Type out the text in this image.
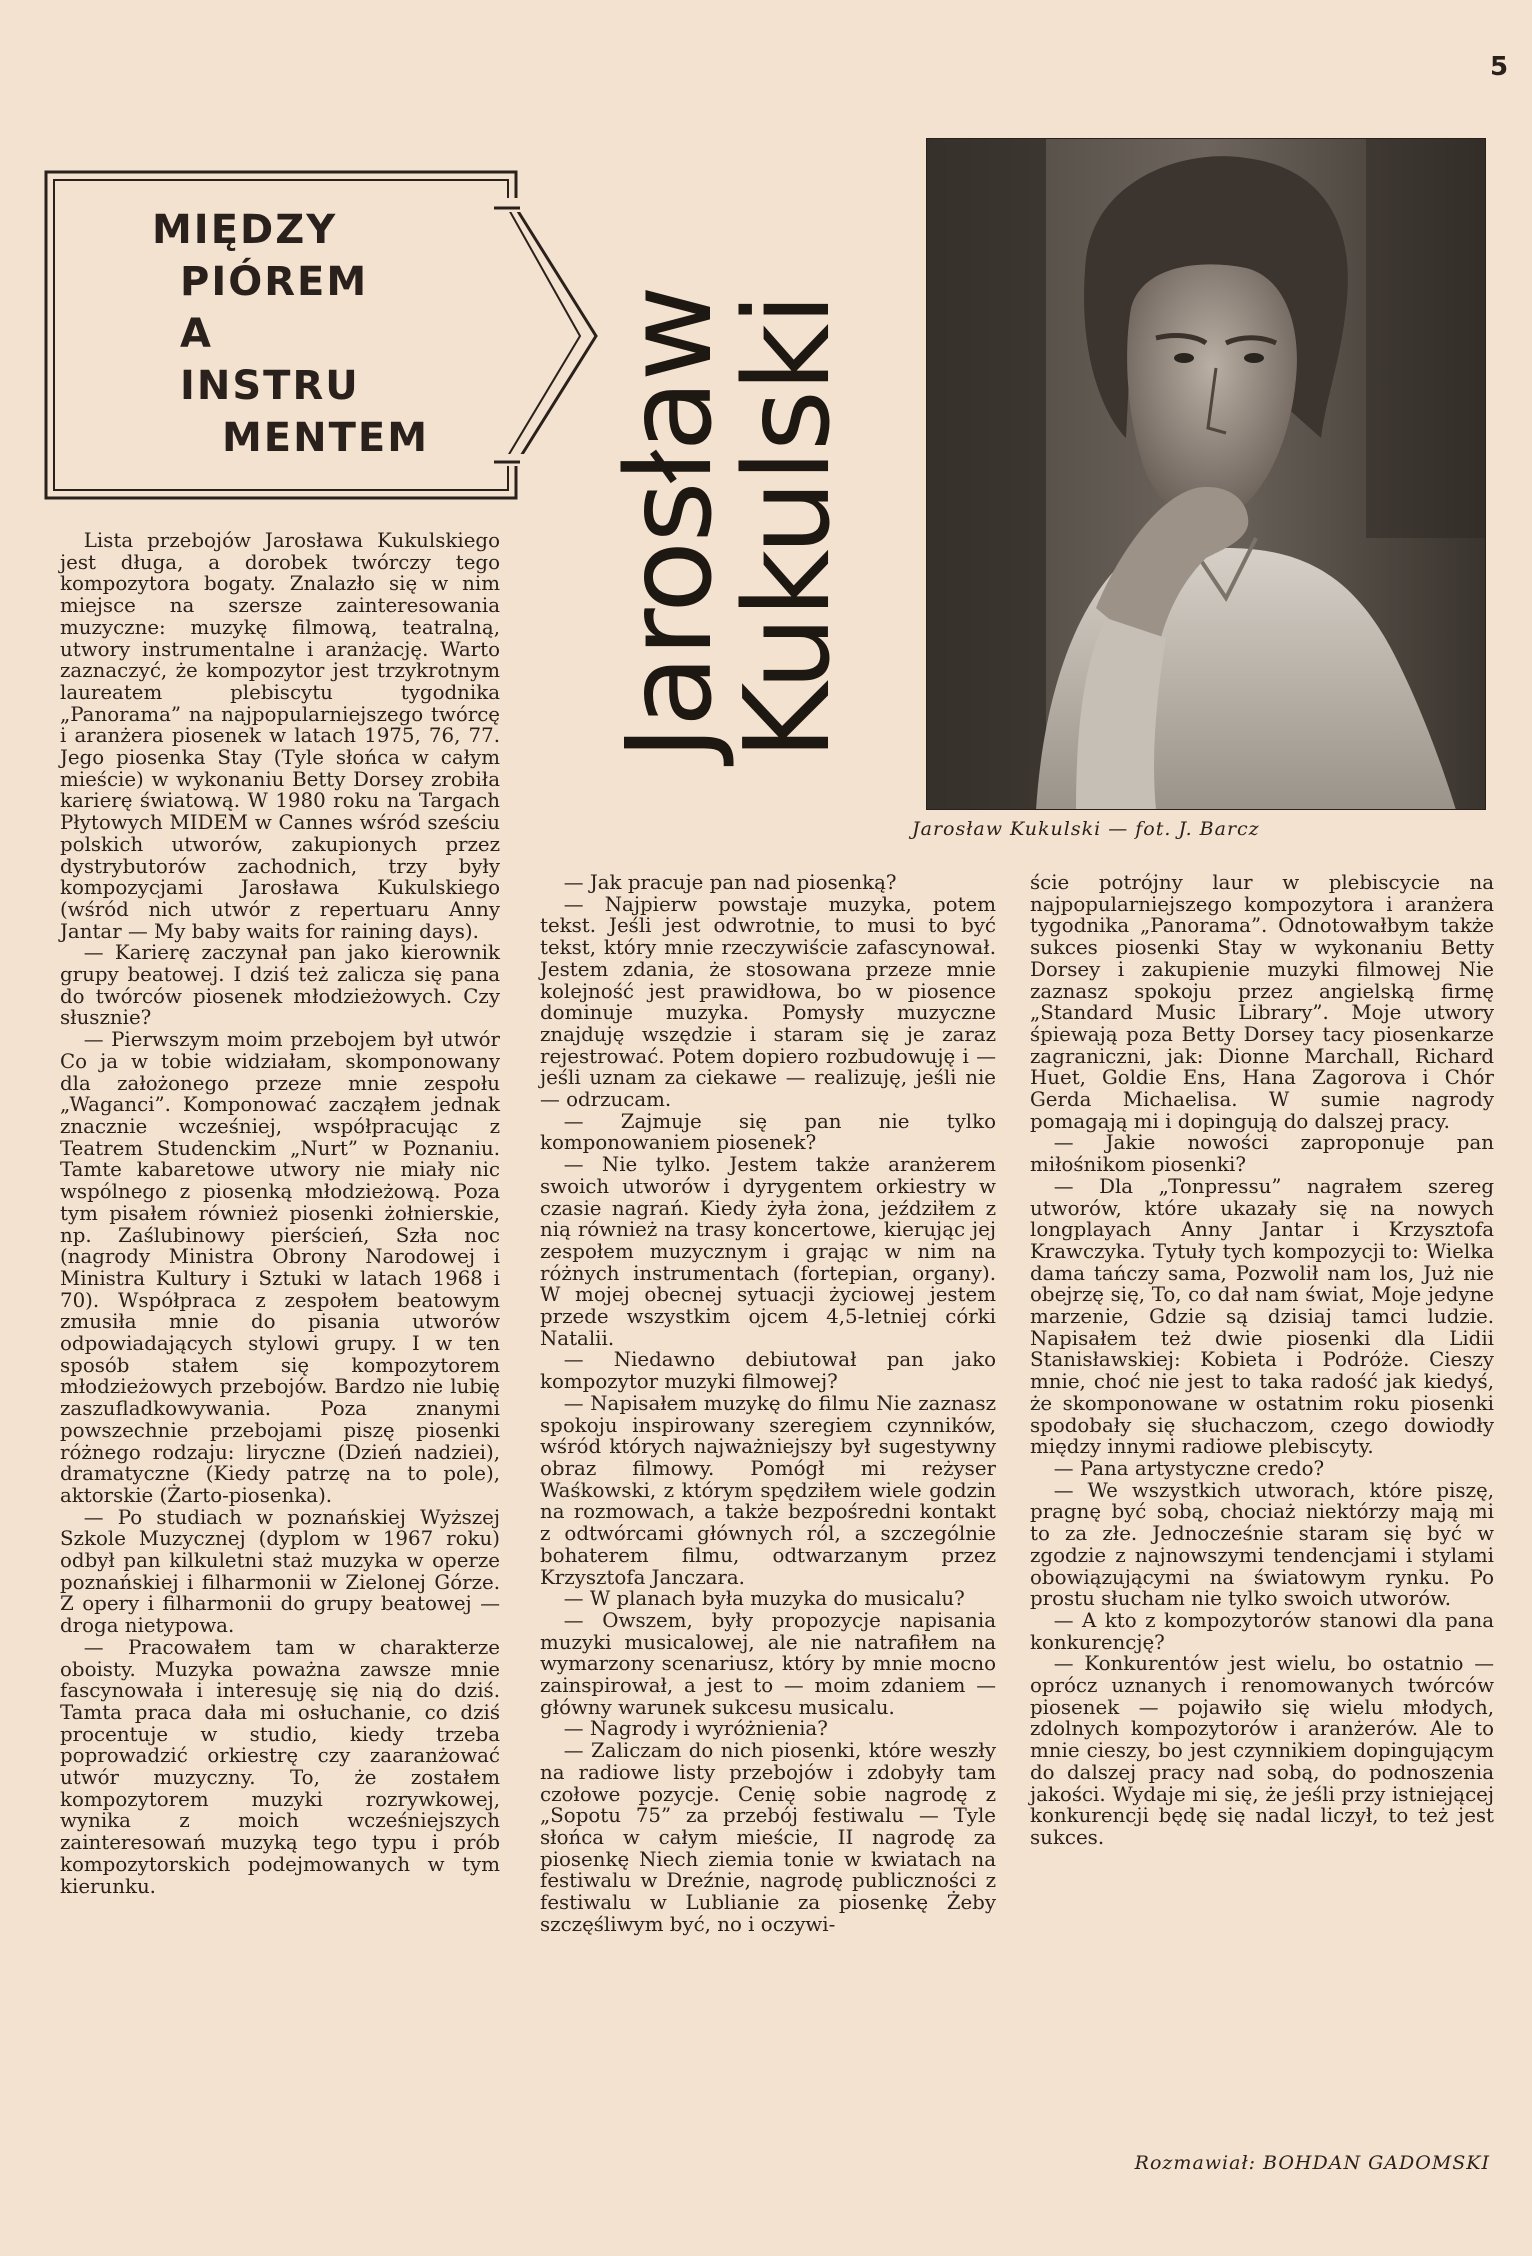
5
MIĘDZY
PIÓREM
A
INSTRU
MENTEM	Jarosław
Kukulski
Jarosław Kukulski — fot. J. Barcz

Lista przebojów Jarosława Kukulskiego jest długa, a dorobek twórczy tego kompozytora bogaty. Znalazło się w nim miejsce na szersze zainteresowania muzyczne: muzykę filmową, teatralną, utwory instrumentalne i aranżację. Warto zaznaczyć, że kompozytor jest trzykrotnym laureatem plebiscytu tygodnika „Panorama” na najpopularniejszego twórcę i aranżera piosenek w latach 1975, 76, 77. Jego piosenka Stay (Tyle słońca w całym mieście) w wykonaniu Betty Dorsey zrobiła karierę światową. W 1980 roku na Targach Płytowych MIDEM w Cannes wśród sześciu polskich utworów, zakupionych przez dystrybutorów zachodnich, trzy były kompozycjami Jarosława Kukulskiego (wśród nich utwór z repertuaru Anny Jantar — My baby waits for raining days).

— Karierę zaczynał pan jako kierownik grupy beatowej. I dziś też zalicza się pana do twórców piosenek młodzieżowych. Czy słusznie?

— Pierwszym moim przebojem był utwór Co ja w tobie widziałam, skomponowany dla założonego przeze mnie zespołu „Waganci”. Komponować zacząłem jednak znacznie wcześniej, współpracując z Teatrem Studenckim „Nurt” w Poznaniu. Tamte kabaretowe utwory nie miały nic wspólnego z piosenką młodzieżową. Poza tym pisałem również piosenki żołnierskie, np. Zaślubinowy pierścień, Szła noc (nagrody Ministra Obrony Narodowej i Ministra Kultury i Sztuki w latach 1968 i 70). Współpraca z zespołem beatowym zmusiła mnie do pisania utworów odpowiadających stylowi grupy. I w ten sposób stałem się kompozytorem młodzieżowych przebojów. Bardzo nie lubię zaszufladkowywania. Poza znanymi powszechnie przebojami piszę piosenki różnego rodzaju: liryczne (Dzień nadziei), dramatyczne (Kiedy patrzę na to pole), aktorskie (Żarto-piosenka).

— Po studiach w poznańskiej Wyższej Szkole Muzycznej (dyplom w 1967 roku) odbył pan kilkuletni staż muzyka w operze poznańskiej i filharmonii w Zielonej Górze. Z opery i filharmonii do grupy beatowej — droga nietypowa.

— Pracowałem tam w charakterze oboisty. Muzyka poważna zawsze mnie fascynowała i interesuję się nią do dziś. Tamta praca dała mi osłuchanie, co dziś procentuje w studio, kiedy trzeba poprowadzić orkiestrę czy zaaranżować utwór muzyczny. To, że zostałem kompozytorem muzyki rozrywkowej, wynika z moich wcześniejszych zainteresowań muzyką tego typu i prób kompozytorskich podejmowanych w tym kierunku.

— Jak pracuje pan nad piosenką?

— Najpierw powstaje muzyka, potem tekst. Jeśli jest odwrotnie, to musi to być tekst, który mnie rzeczywiście zafascynował. Jestem zdania, że stosowana przeze mnie kolejność jest prawidłowa, bo w piosence dominuje muzyka. Pomysły muzyczne znajduję wszędzie i staram się je zaraz rejestrować. Potem dopiero rozbudowuję i — jeśli uznam za ciekawe — realizuję, jeśli nie — odrzucam.

— Zajmuje się pan nie tylko komponowaniem piosenek?

— Nie tylko. Jestem także aranżerem swoich utworów i dyrygentem orkiestry w czasie nagrań. Kiedy żyła żona, jeździłem z nią również na trasy koncertowe, kierując jej zespołem muzycznym i grając w nim na różnych instrumentach (fortepian, organy). W mojej obecnej sytuacji życiowej jestem przede wszystkim ojcem 4,5-letniej córki Natalii.

— Niedawno debiutował pan jako kompozytor muzyki filmowej?

— Napisałem muzykę do filmu Nie zaznasz spokoju inspirowany szeregiem czynników, wśród których najważniejszy był sugestywny obraz filmowy. Pomógł mi reżyser Waśkowski, z którym spędziłem wiele godzin na rozmowach, a także bezpośredni kontakt z odtwórcami głównych ról, a szczególnie bohaterem filmu, odtwarzanym przez Krzysztofa Janczara.

— W planach była muzyka do musicalu?

— Owszem, były propozycje napisania muzyki musicalowej, ale nie natrafiłem na wymarzony scenariusz, który by mnie mocno zainspirował, a jest to — moim zdaniem — główny warunek sukcesu musicalu.

— Nagrody i wyróżnienia?

— Zaliczam do nich piosenki, które weszły na radiowe listy przebojów i zdobyły tam czołowe pozycje. Cenię sobie nagrodę z „Sopotu 75” za przebój festiwalu — Tyle słońca w całym mieście, II nagrodę za piosenkę Niech ziemia tonie w kwiatach na festiwalu w Dreźnie, nagrodę publiczności z festiwalu w Lublianie za piosenkę Żeby szczęśliwym być, no i oczywi-

ście potrójny laur w plebiscycie na najpopularniejszego kompozytora i aranżera tygodnika „Panorama”. Odnotowałbym także sukces piosenki Stay w wykonaniu Betty Dorsey i zakupienie muzyki filmowej Nie zaznasz spokoju przez angielską firmę „Standard Music Library”. Moje utwory śpiewają poza Betty Dorsey tacy piosenkarze zagraniczni, jak: Dionne Marchall, Richard Huet, Goldie Ens, Hana Zagorova i Chór Gerda Michaelisa. W sumie nagrody pomagają mi i dopingują do dalszej pracy.

— Jakie nowości zaproponuje pan miłośnikom piosenki?

— Dla „Tonpressu” nagrałem szereg utworów, które ukazały się na nowych longplayach Anny Jantar i Krzysztofa Krawczyka. Tytuły tych kompozycji to: Wielka dama tańczy sama, Pozwolił nam los, Już nie obejrzę się, To, co dał nam świat, Moje jedyne marzenie, Gdzie są dzisiaj tamci ludzie. Napisałem też dwie piosenki dla Lidii Stanisławskiej: Kobieta i Podróże. Cieszy mnie, choć nie jest to taka radość jak kiedyś, że skomponowane w ostatnim roku piosenki spodobały się słuchaczom, czego dowiodły między innymi radiowe plebiscyty.

— Pana artystyczne credo?

— We wszystkich utworach, które piszę, pragnę być sobą, chociaż niektórzy mają mi to za złe. Jednocześnie staram się być w zgodzie z najnowszymi tendencjami i stylami obowiązującymi na światowym rynku. Po prostu słucham nie tylko swoich utworów.

— A kto z kompozytorów stanowi dla pana konkurencję?

— Konkurentów jest wielu, bo ostatnio — oprócz uznanych i renomowanych twórców piosenek — pojawiło się wielu młodych, zdolnych kompozytorów i aranżerów. Ale to mnie cieszy, bo jest czynnikiem dopingującym do dalszej pracy nad sobą, do podnoszenia jakości. Wydaje mi się, że jeśli przy istniejącej konkurencji będę się nadal liczył, to też jest sukces.

Rozmawiał: BOHDAN GADOMSKI
